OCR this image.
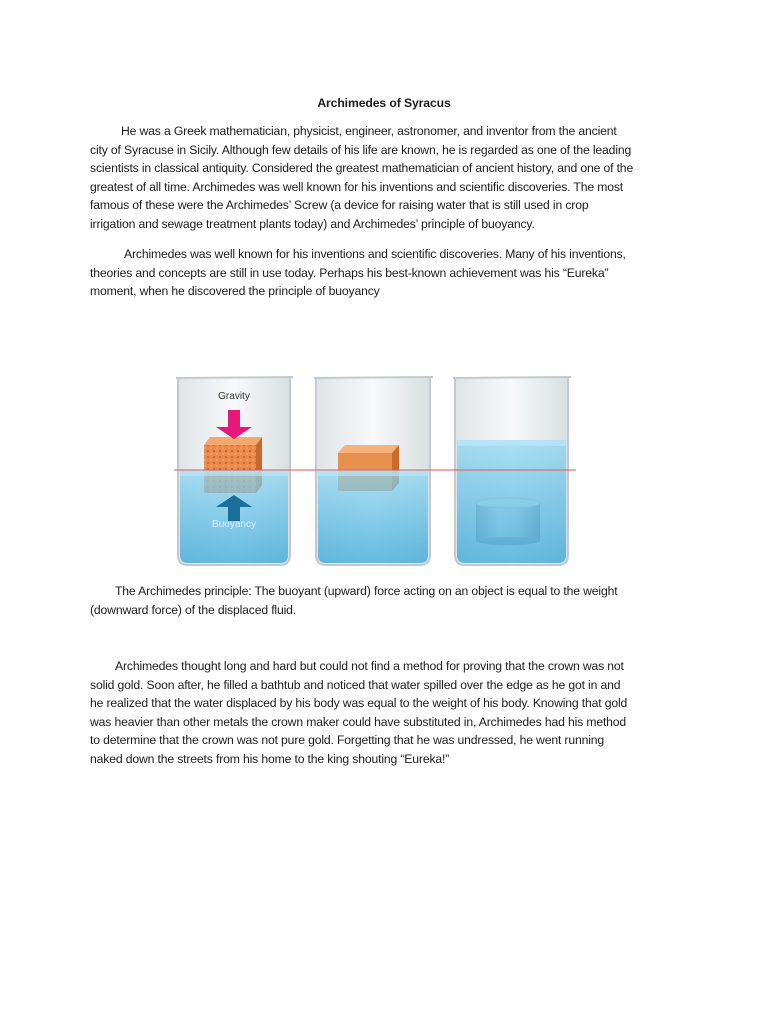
Archimedes of Syracus
He was a Greek mathematician, physicist, engineer, astronomer, and inventor from the ancient
city of Syracuse in Sicily. Although few details of his life are known, he is regarded as one of the leading
scientists in classical antiquity. Considered the greatest mathematician of ancient history, and one of the
greatest of all time. Archimedes was well known for his inventions and scientific discoveries. The most
famous of these were the Archimedes’ Screw (a device for raising water that is still used in crop
irrigation and sewage treatment plants today) and Archimedes’ principle of buoyancy.
Archimedes was well known for his inventions and scientific discoveries. Many of his inventions,
theories and concepts are still in use today. Perhaps his best-known achievement was his “Eureka”
moment, when he discovered the principle of buoyancy
Gravity
Buoyancy
The Archimedes principle: The buoyant (upward) force acting on an object is equal to the weight
(downward force) of the displaced fluid.
Archimedes thought long and hard but could not find a method for proving that the crown was not
solid gold. Soon after, he filled a bathtub and noticed that water spilled over the edge as he got in and
he realized that the water displaced by his body was equal to the weight of his body. Knowing that gold
was heavier than other metals the crown maker could have substituted in, Archimedes had his method
to determine that the crown was not pure gold. Forgetting that he was undressed, he went running
naked down the streets from his home to the king shouting “Eureka!”
